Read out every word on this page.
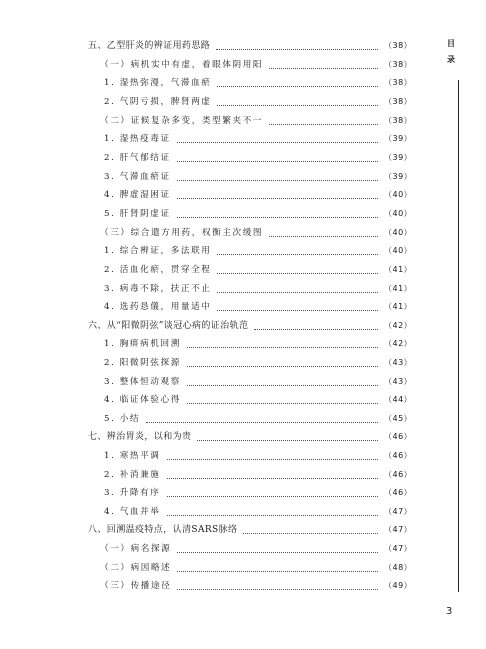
五、乙型肝炎的辨证用药思路	（38）
（一）病机实中有虚，着眼体阴用阳	（38）
1. 湿热弥漫，气滞血瘀	（38）
2. 气阴亏损，脾肾两虚	（38）
（二）证候复杂多变，类型繁夹不一	（38）
1. 湿热疫毒证	（39）
2. 肝气郁结证	（39）
3. 气滞血瘀证	（39）
4. 脾虚湿困证	（40）
5. 肝肾阴虚证	（40）
（三）综合遣方用药，权衡主次缓图	（40）
1. 综合辨证，多法联用	（40）
2. 活血化瘀，贯穿全程	（41）
3. 病毒不除，扶正不止	（41）
4. 选药恳儀，用量适中	（41）
六、从“阳微阴弦”谈冠心病的证治轨范	（42）
1. 胸痹病机回溯	（42）
2. 阳微阴弦探源	（43）
3. 整体恒动观察	（43）
4. 临证体验心得	（44）
5. 小结	（45）
七、辨治胃炎，以和为贵	（46）
1. 寒热平调	（46）
2. 补消兼施	（46）
3. 升降有序	（46）
4. 气血并举	（47）
八、回溯温疫特点，认清SARS脉络	（47）
（一）病名探源	（47）
（二）病因略述	（48）
（三）传播途径	（49）
目
录
3
